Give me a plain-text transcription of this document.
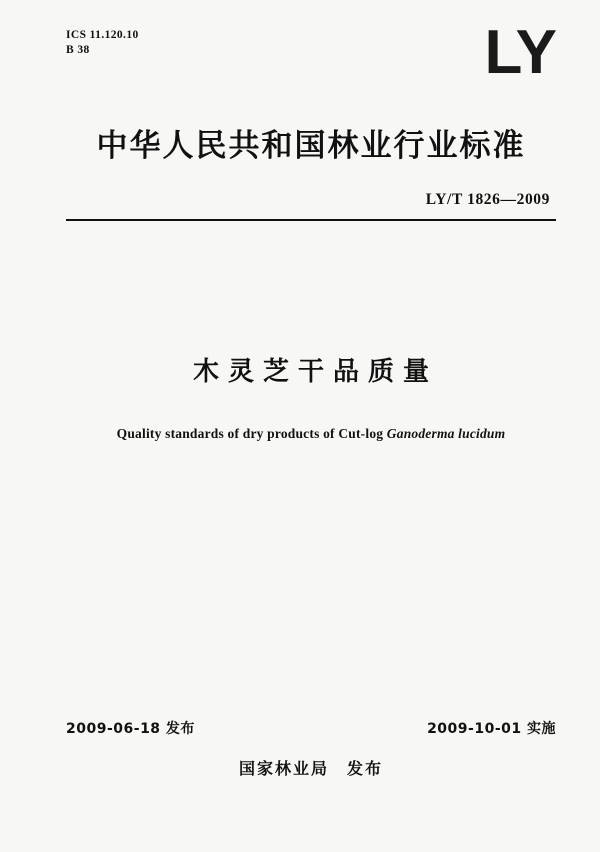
ICS 11.120.10
B 38	LY
中华人民共和国林业行业标准
LY/T 1826—2009
木灵芝干品质量
Quality standards of dry products of Cut-log Ganoderma lucidum
2009-06-18 发布	2009-10-01 实施
国家林业局 发布
